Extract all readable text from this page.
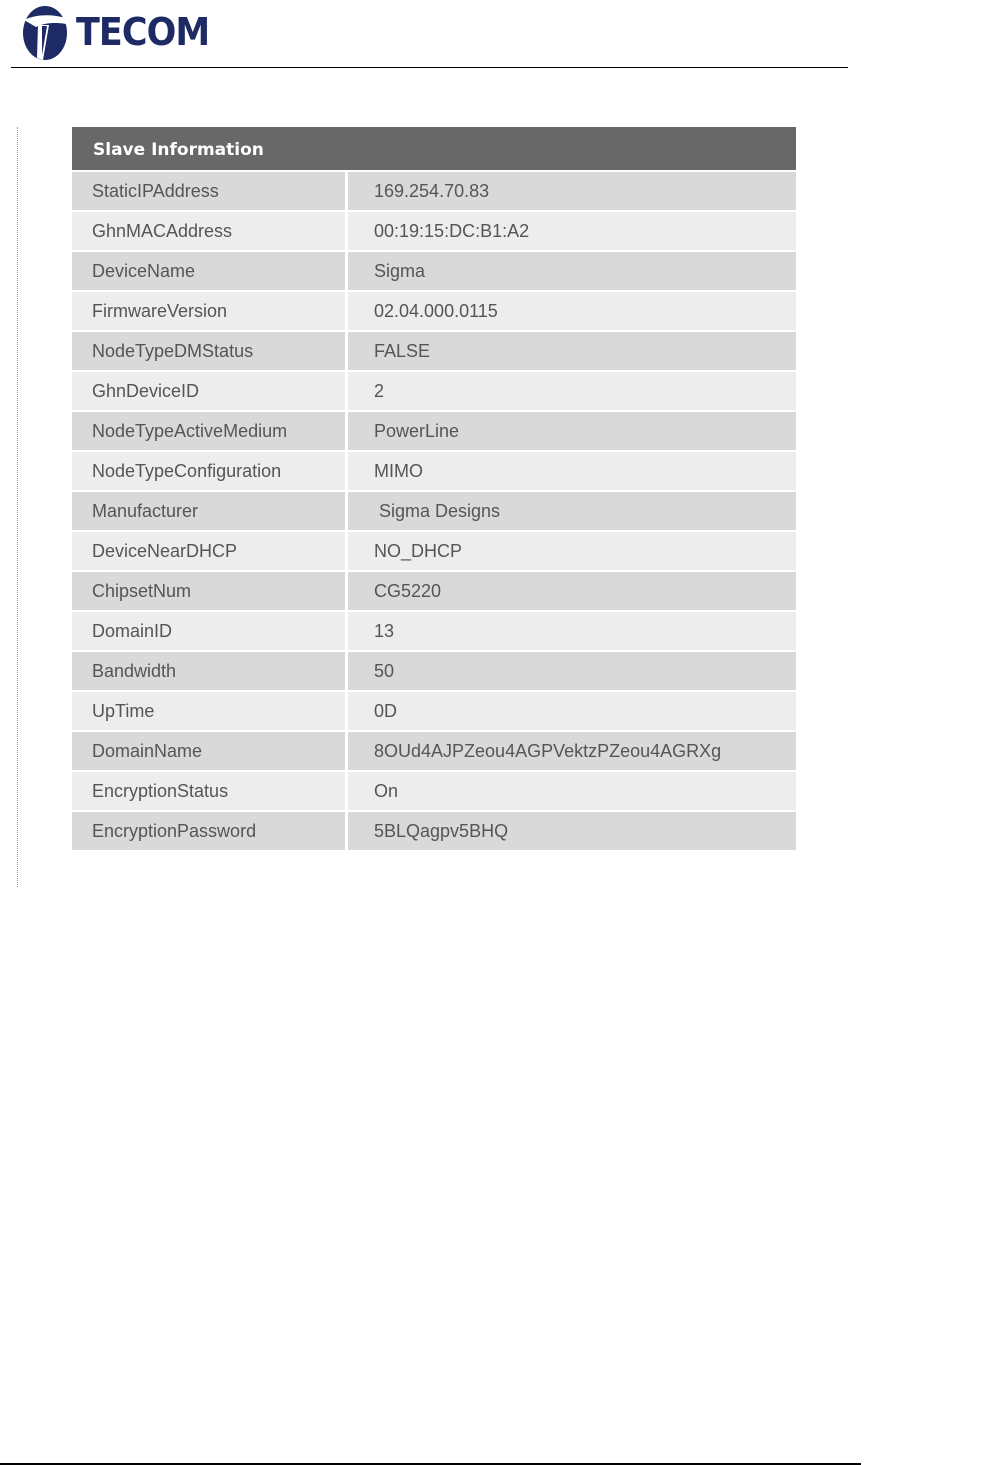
TECOM
Slave Information
StaticIPAddress	169.254.70.83
GhnMACAddress	00:19:15:DC:B1:A2
DeviceName	Sigma
FirmwareVersion	02.04.000.0115
NodeTypeDMStatus	FALSE
GhnDeviceID	2
NodeTypeActiveMedium	PowerLine
NodeTypeConfiguration	MIMO
Manufacturer	Sigma Designs
DeviceNearDHCP	NO_DHCP
ChipsetNum	CG5220
DomainID	13
Bandwidth	50
UpTime	0D
DomainName	8OUd4AJPZeou4AGPVektzPZeou4AGRXg
EncryptionStatus	On
EncryptionPassword	5BLQagpv5BHQ
